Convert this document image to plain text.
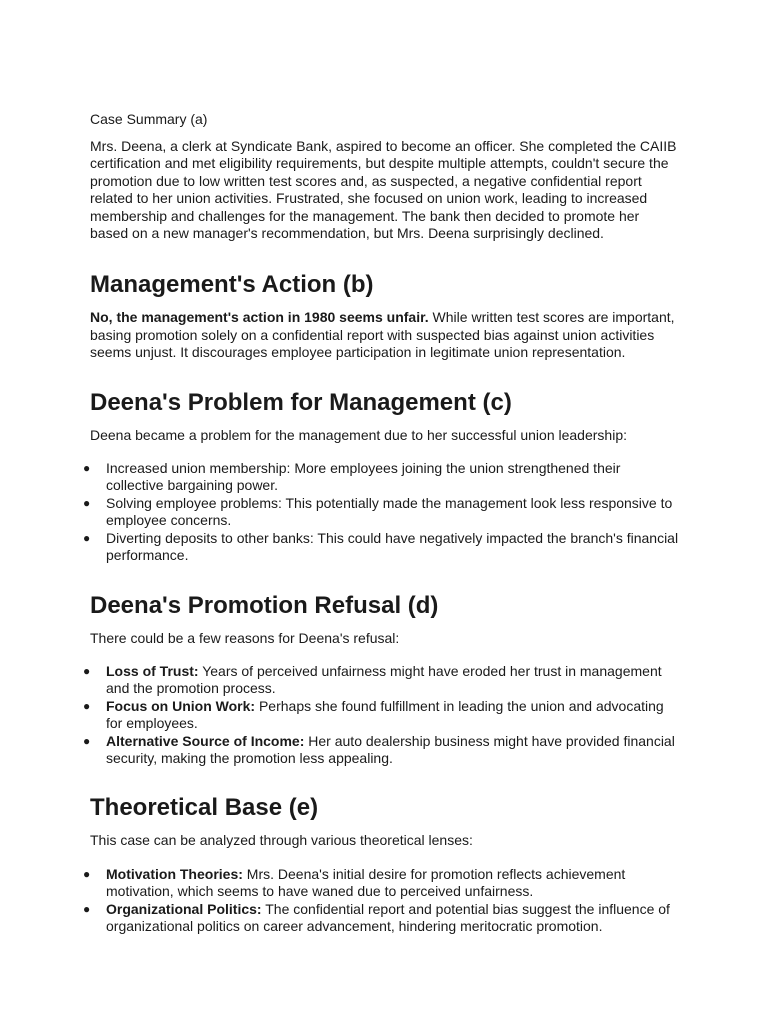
Case Summary (a)

Mrs. Deena, a clerk at Syndicate Bank, aspired to become an officer. She completed the CAIIB certification and met eligibility requirements, but despite multiple attempts, couldn't secure the promotion due to low written test scores and, as suspected, a negative confidential report related to her union activities. Frustrated, she focused on union work, leading to increased membership and challenges for the management. The bank then decided to promote her based on a new manager's recommendation, but Mrs. Deena surprisingly declined.

Management's Action (b)

No, the management's action in 1980 seems unfair. While written test scores are important, basing promotion solely on a confidential report with suspected bias against union activities seems unjust. It discourages employee participation in legitimate union representation.

Deena's Problem for Management (c)

Deena became a problem for the management due to her successful union leadership:

● Increased union membership: More employees joining the union strengthened their collective bargaining power.
● Solving employee problems: This potentially made the management look less responsive to employee concerns.
● Diverting deposits to other banks: This could have negatively impacted the branch's financial performance.
Deena's Promotion Refusal (d)

There could be a few reasons for Deena's refusal:

● Loss of Trust: Years of perceived unfairness might have eroded her trust in management and the promotion process.
● Focus on Union Work: Perhaps she found fulfillment in leading the union and advocating for employees.
● Alternative Source of Income: Her auto dealership business might have provided financial security, making the promotion less appealing.
Theoretical Base (e)

This case can be analyzed through various theoretical lenses:

● Motivation Theories: Mrs. Deena's initial desire for promotion reflects achievement motivation, which seems to have waned due to perceived unfairness.
● Organizational Politics: The confidential report and potential bias suggest the influence of organizational politics on career advancement, hindering meritocratic promotion.
